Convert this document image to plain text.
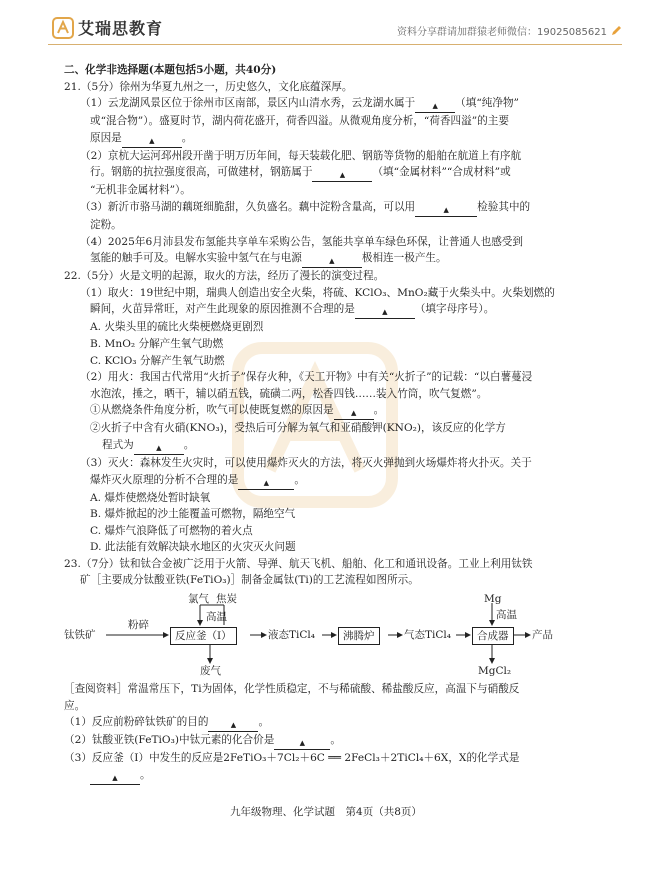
艾瑞思教育	资料分享群请加群猿老师微信：19025085621
二、化学非选择题(本题包括5小题，共40分)
21.（5分）徐州为华夏九州之一，历史悠久，文化底蕴深厚。
（1）云龙湖风景区位于徐州市区南部，景区内山清水秀，云龙湖水属于 ▲ （填“纯净物”
或“混合物”）。盛夏时节，湖内荷花盛开，荷香四溢。从微观角度分析，“荷香四溢”的主要
原因是	▲	。
（2）京杭大运河邳州段开凿于明万历年间，每天装载化肥、钢筋等货物的船舶在航道上有序航
行。钢筋的抗拉强度很高，可做建材，钢筋属于	▲	（填“金属材料”“合成材料”或
“无机非金属材料”）。
（3）新沂市骆马湖的藕斑细脆甜，久负盛名。藕中淀粉含量高，可以用	▲	检验其中的
淀粉。
（4）2025年6月沛县发布氢能共享单车采购公告，氢能共享单车绿色环保，让普通人也感受到
氢能的触手可及。电解水实验中氢气在与电源	▲	极相连一极产生。
22.（5分）火是文明的起源，取火的方法，经历了漫长的演变过程。
（1）取火：19世纪中期，瑞典人创造出安全火柴，将硫、KClO₃、MnO₂藏于火柴头中。火柴划燃的
瞬间，火苗异常旺，对产生此现象的原因推测不合理的是	▲	（填字母序号）。
A. 火柴头里的硫比火柴梗燃烧更剧烈
B. MnO₂ 分解产生氧气助燃
C. KClO₃ 分解产生氧气助燃
（2）用火：我国古代常用“火折子”保存火种，《天工开物》中有关“火折子”的记载：“以白薯蔓浸
水泡浓，捶之，晒干，辅以硝五钱，硫磺二两，松香四钱……装入竹筒，吹气复燃”。
①从燃烧条件角度分析，吹气可以使既复燃的原因是 ▲ 。
②火折子中含有火硝(KNO₃)，受热后可分解为氧气和亚硝酸钾(KNO₂)，该反应的化学方
程式为	▲ 。
（3）灭火：森林发生火灾时，可以使用爆炸灭火的方法，将灭火弹抛到火场爆炸将火扑灭。关于
爆炸灭火原理的分析不合理的是	▲ 。
A. 爆炸使燃烧处暂时缺氧
B. 爆炸掀起的沙土能覆盖可燃物，隔绝空气
C. 爆炸气浪降低了可燃物的着火点
D. 此法能有效解决缺水地区的火灾灭火问题
23.（7分）钛和钛合金被广泛用于火箭、导弹、航天飞机、船舶、化工和通讯设备。工业上利用钛铁
矿［主要成分钛酸亚铁(FeTiO₃)］制备金属钛(Ti)的工艺流程如图所示。
氯气 焦炭
高温
钛铁矿
粉碎
反应釜（Ⅰ）	液态TiCl₄	沸腾炉	气态TiCl₄	合成器	产品
废气
Mg
高温
MgCl₂
［查阅资料］常温常压下，Ti为固体，化学性质稳定，不与稀硫酸、稀盐酸反应，高温下与硝酸反
应。
（1）反应前粉碎钛铁矿的目的	▲ 。
（2）钛酸亚铁(FeTiO₃)中钛元素的化合价是	▲ 。
（3）反应釜（Ⅰ）中发生的反应是2FeTiO₃＋7Cl₂＋6C ══ 2FeCl₃＋2TiCl₄＋6X，X的化学式是
▲ 。
九年级物理、化学试题　第4页（共8页）
